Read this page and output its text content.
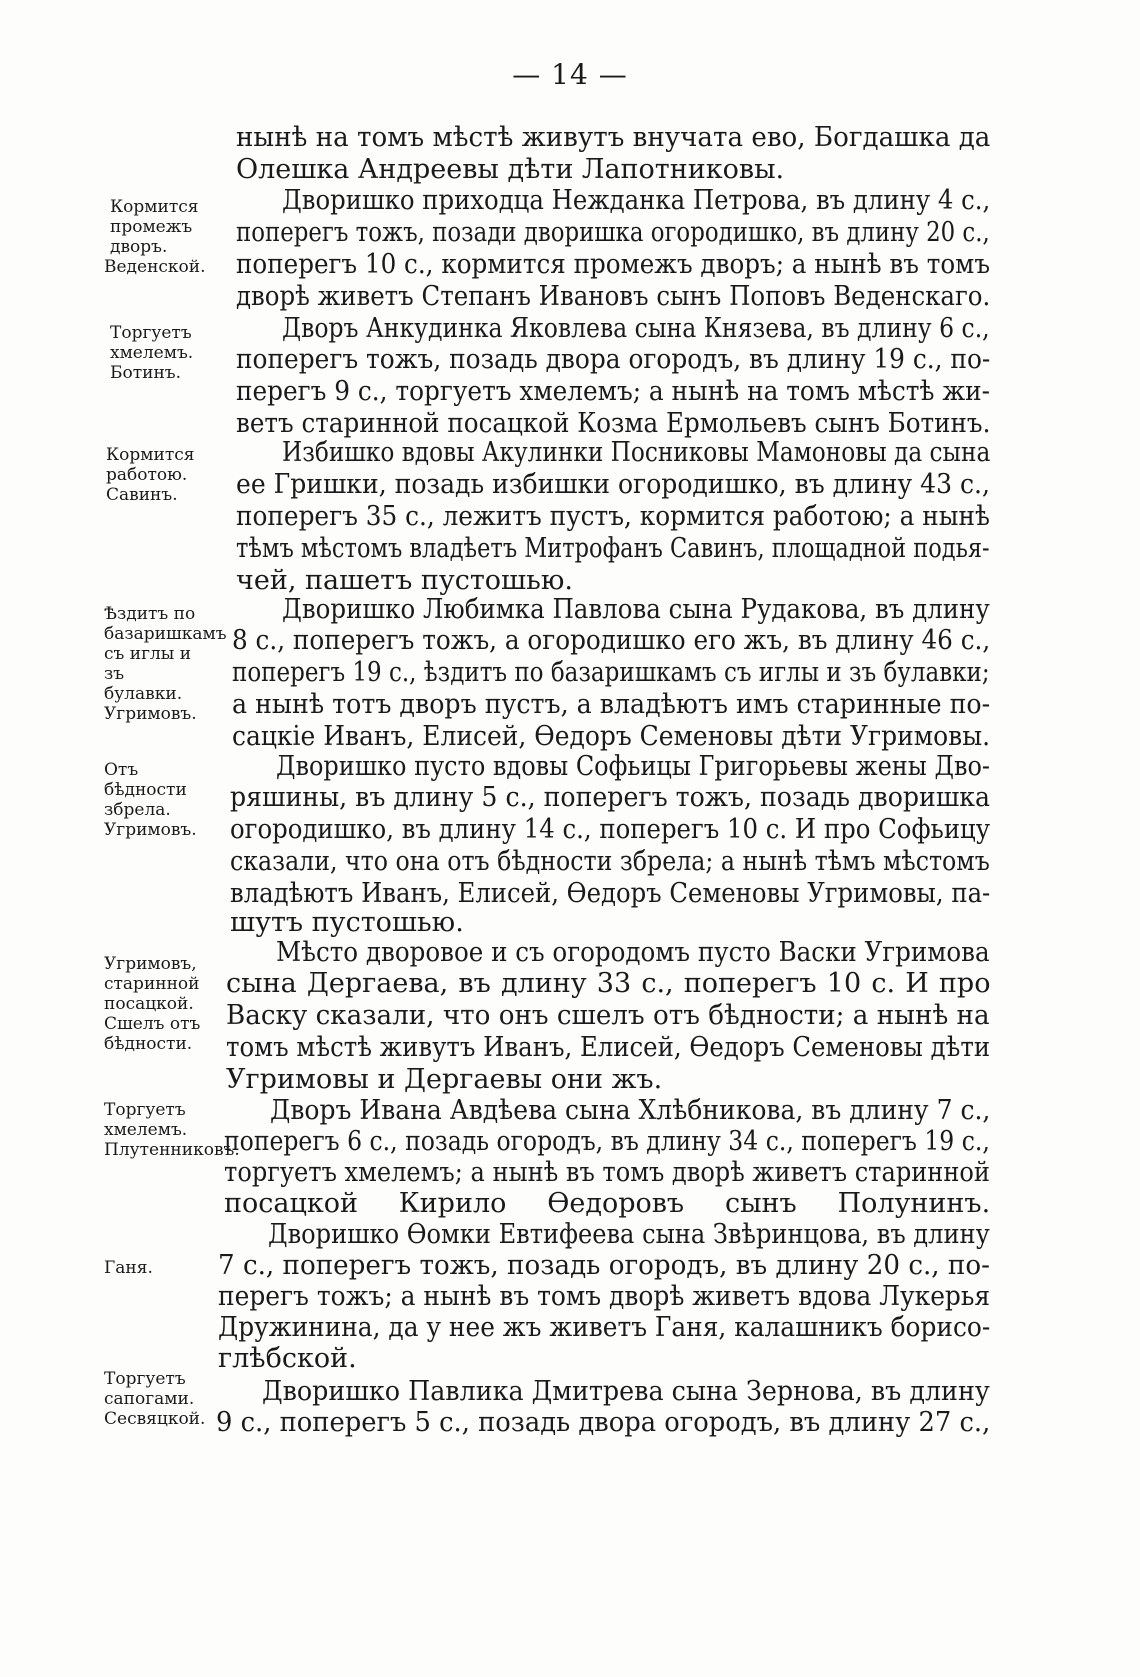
— 14 —
Кормится
промежъ
дворъ.
Веденской.
Торгуетъ
хмелемъ.
Ботинъ.
Кормится
работою.
Савинъ.
Ѣздитъ по
базаришкамъ съ иглы и зъ булавки.
Угримовъ.
Отъ бѣдности збрела.
Угримовъ.
Угримовъ,
старинной
посацкой.
Сшелъ отъ
бѣдности.
Торгуетъ
хмелемъ.
Плутенниковъ.
Ганя.
Торгуетъ
сапогами.
Сесвяцкой.
нынѣ на томъ мѣстѣ живутъ внучата ево, Богдашка да
Олешка Андреевы дѣти Лапотниковы.
Дворишко приходца Нежданка Петрова, въ длину 4 с.,
поперегъ тожъ, позади дворишка огородишко, въ длину 20 с.,
поперегъ 10 с., кормится промежъ дворъ; а нынѣ въ томъ
дворѣ живетъ Степанъ Ивановъ сынъ Поповъ Веденскаго.
Дворъ Анкудинка Яковлева сына Князева, въ длину 6 с.,
поперегъ тожъ, позадь двора огородъ, въ длину 19 с., по-
перегъ 9 с., торгуетъ хмелемъ; а нынѣ на томъ мѣстѣ жи-
ветъ старинной посацкой Козма Ермольевъ сынъ Ботинъ.
Избишко вдовы Акулинки Посниковы Мамоновы да сына
ее Гришки, позадь избишки огородишко, въ длину 43 с.,
поперегъ 35 с., лежитъ пустъ, кормится работою; а нынѣ
тѣмъ мѣстомъ владѣетъ Митрофанъ Савинъ, площадной подья-
чей, пашетъ пустошью.
Дворишко Любимка Павлова сына Рудакова, въ длину
8 с., поперегъ тожъ, а огородишко его жъ, въ длину 46 с.,
поперегъ 19 с., ѣздитъ по базаришкамъ съ иглы и зъ булавки;
а нынѣ тотъ дворъ пустъ, а владѣютъ имъ старинные по-
сацкіе Иванъ, Елисей, Ѳедоръ Семеновы дѣти Угримовы.
Дворишко пусто вдовы Софьицы Григорьевы жены Дво-
ряшины, въ длину 5 с., поперегъ тожъ, позадь дворишка
огородишко, въ длину 14 с., поперегъ 10 с. И про Софьицу
сказали, что она отъ бѣдности збрела; а нынѣ тѣмъ мѣстомъ
владѣютъ Иванъ, Елисей, Ѳедоръ Семеновы Угримовы, па-
шутъ пустошью.
Мѣсто дворовое и съ огородомъ пусто Васки Угримова
сына Дергаева, въ длину 33 с., поперегъ 10 с. И про
Васку сказали, что онъ сшелъ отъ бѣдности; а нынѣ на
томъ мѣстѣ живутъ Иванъ, Елисей, Ѳедоръ Семеновы дѣти
Угримовы и Дергаевы они жъ.
Дворъ Ивана Авдѣева сына Хлѣбникова, въ длину 7 с.,
поперегъ 6 с., позадь огородъ, въ длину 34 с., поперегъ 19 с.,
торгуетъ хмелемъ; а нынѣ въ томъ дворѣ живетъ старинной
посацкой Кирило Ѳедоровъ сынъ Полунинъ.
Дворишко Ѳомки Евтифеева сына Звѣринцова, въ длину
7 с., поперегъ тожъ, позадь огородъ, въ длину 20 с., по-
перегъ тожъ; а нынѣ въ томъ дворѣ живетъ вдова Лукерья
Дружинина, да у нее жъ живетъ Ганя, калашникъ борисо-
глѣбской.
Дворишко Павлика Дмитрева сына Зернова, въ длину
9 с., поперегъ 5 с., позадь двора огородъ, въ длину 27 с.,
